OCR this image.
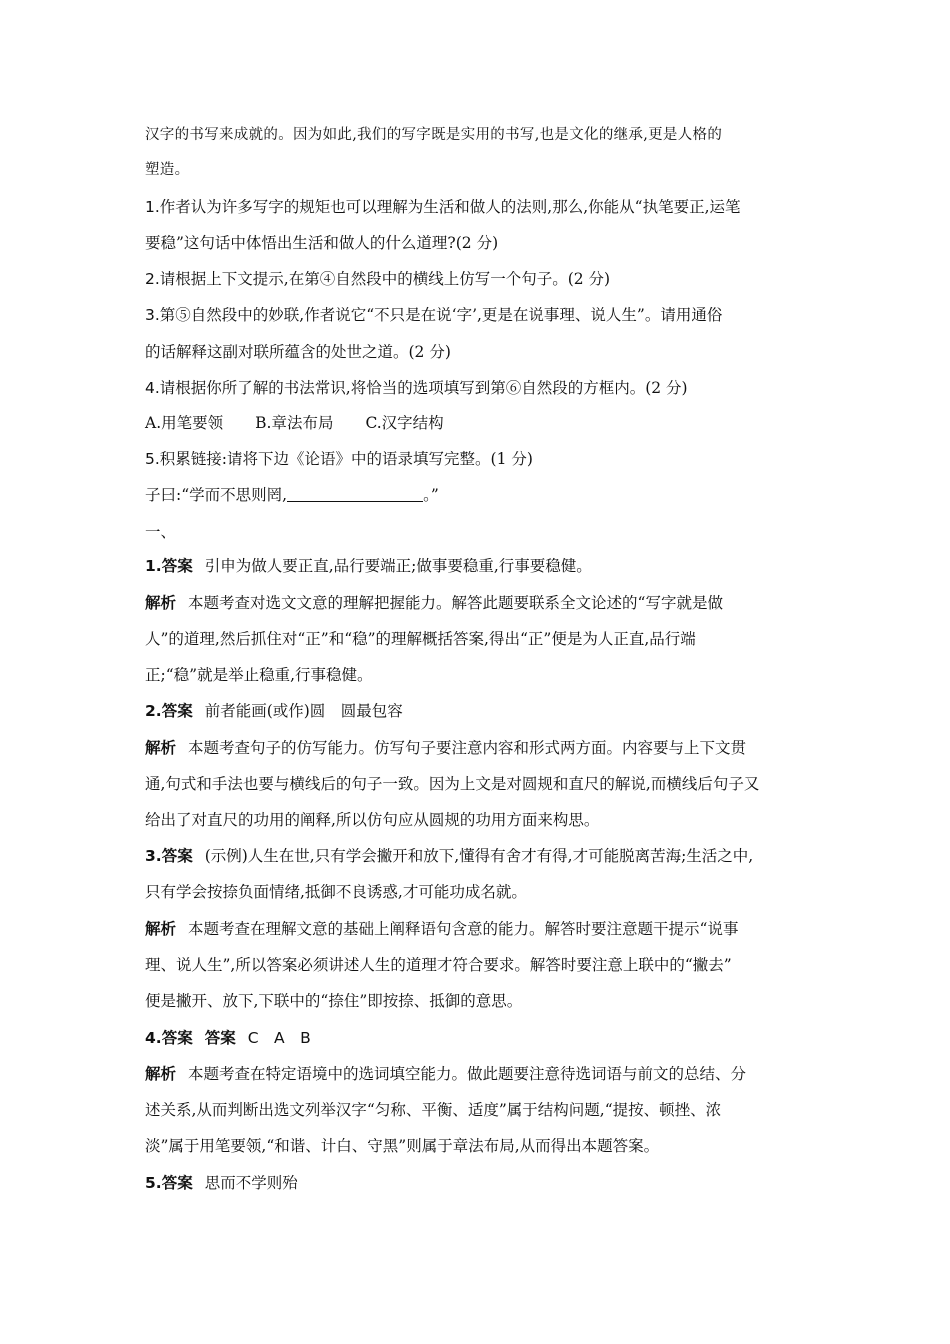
汉字的书写来成就的。因为如此,我们的写字既是实用的书写,也是文化的继承,更是人格的
塑造。
1.作者认为许多写字的规矩也可以理解为生活和做人的法则,那么,你能从“执笔要正,运笔
要稳”这句话中体悟出生活和做人的什么道理?(2 分)
2.请根据上下文提示,在第④自然段中的横线上仿写一个句子。(2 分)
3.第⑤自然段中的妙联,作者说它“不只是在说‘字’,更是在说事理、说人生”。请用通俗
的话解释这副对联所蕴含的处世之道。(2 分)
4.请根据你所了解的书法常识,将恰当的选项填写到第⑥自然段的方框内。(2 分)
A.用笔要领 B.章法布局 C.汉字结构
5.积累链接:请将下边《论语》中的语录填写完整。(1 分)
子曰:“学而不思则罔,	。”
一、
1.答案 引申为做人要正直,品行要端正;做事要稳重,行事要稳健。
解析 本题考查对选文文意的理解把握能力。解答此题要联系全文论述的“写字就是做
人”的道理,然后抓住对“正”和“稳”的理解概括答案,得出“正”便是为人正直,品行端
正;“稳”就是举止稳重,行事稳健。
2.答案 前者能画(或作)圆　圆最包容
解析 本题考查句子的仿写能力。仿写句子要注意内容和形式两方面。内容要与上下文贯
通,句式和手法也要与横线后的句子一致。因为上文是对圆规和直尺的解说,而横线后句子又
给出了对直尺的功用的阐释,所以仿句应从圆规的功用方面来构思。
3.答案 (示例)人生在世,只有学会撇开和放下,懂得有舍才有得,才可能脱离苦海;生活之中,
只有学会按捺负面情绪,抵御不良诱惑,才可能功成名就。
解析 本题考查在理解文意的基础上阐释语句含意的能力。解答时要注意题干提示“说事
理、说人生”,所以答案必须讲述人生的道理才符合要求。解答时要注意上联中的“撇去”
便是撇开、放下,下联中的“捺住”即按捺、抵御的意思。
4.答案 答案 C　A　B
解析 本题考查在特定语境中的选词填空能力。做此题要注意待选词语与前文的总结、分
述关系,从而判断出选文列举汉字“匀称、平衡、适度”属于结构问题,“提按、顿挫、浓
淡”属于用笔要领,“和谐、计白、守黑”则属于章法布局,从而得出本题答案。
5.答案 思而不学则殆
